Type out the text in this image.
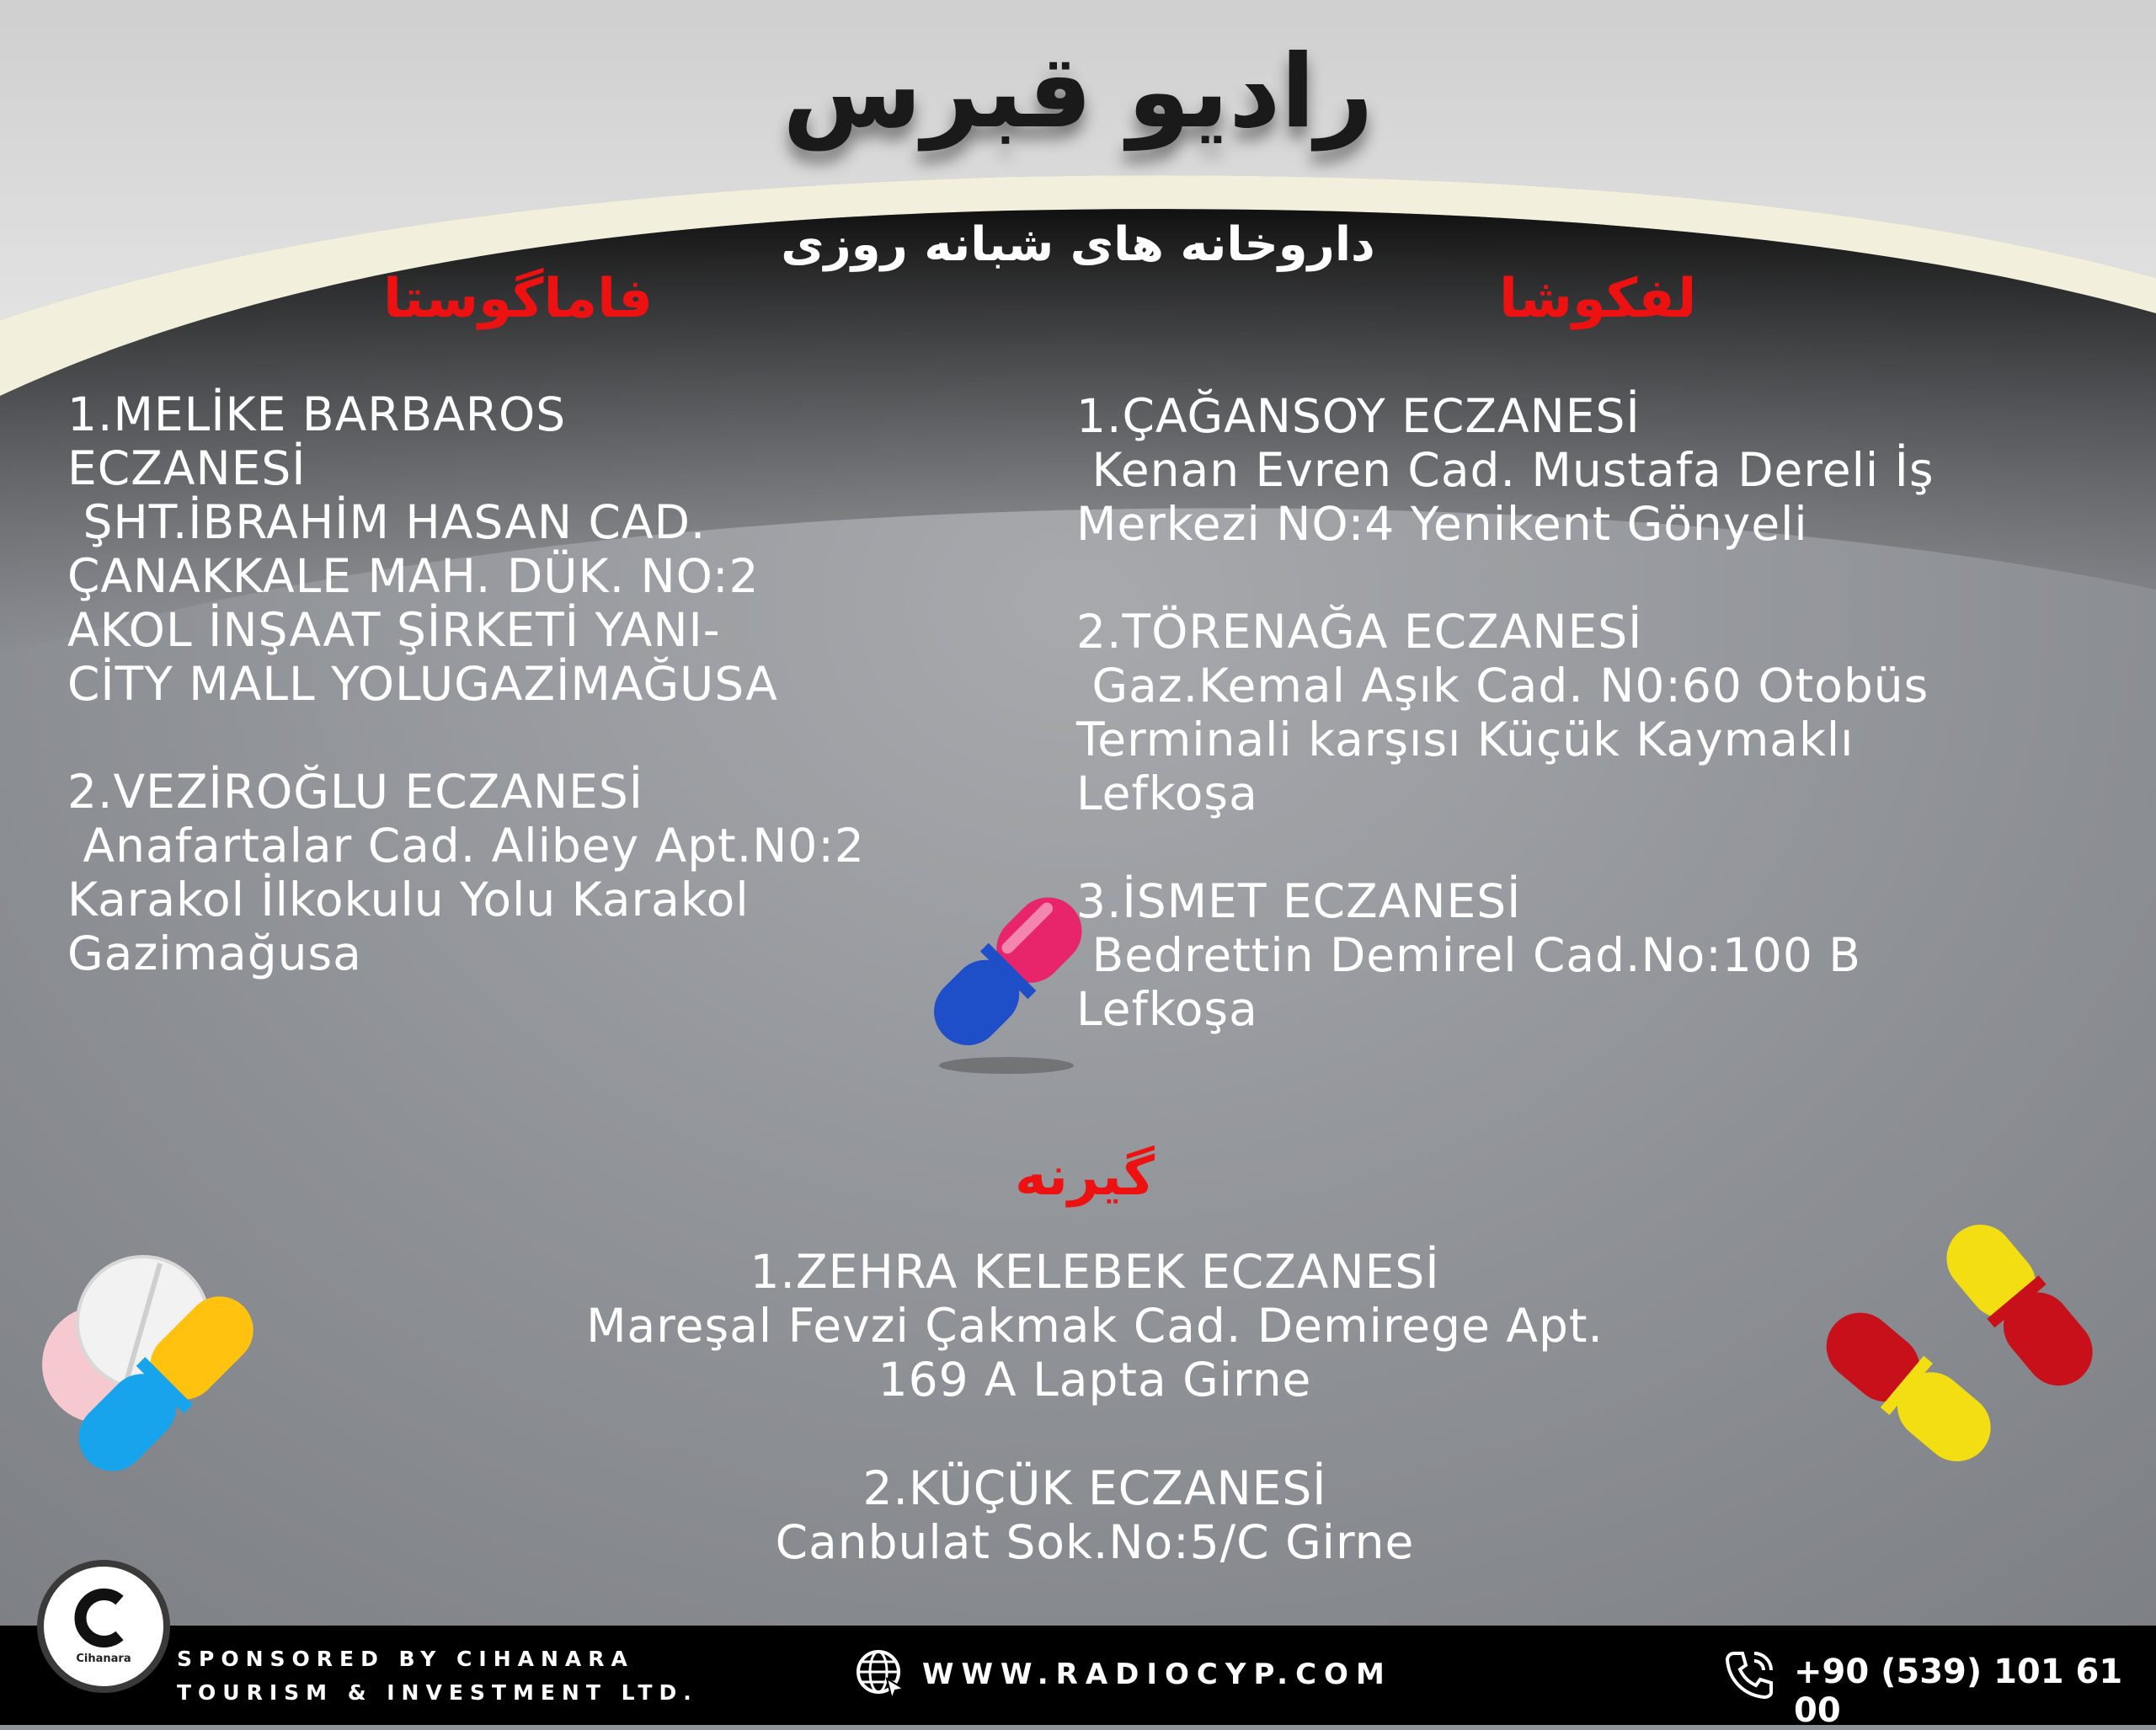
رادیو قبرس
داروخانه های شبانه روزی
فاماگوستا	لفکوشا
1.MELİKE BARBAROS
ECZANESİ
ŞHT.İBRAHİM HASAN CAD.
ÇANAKKALE MAH. DÜK. NO:2
AKOL İNŞAAT ŞİRKETİ YANI-
CİTY MALL YOLUGAZİMAĞUSA
2.VEZİROĞLU ECZANESİ
Anafartalar Cad. Alibey Apt.N0:2
Karakol İlkokulu Yolu Karakol
Gazimağusa
1.ÇAĞANSOY ECZANESİ
Kenan Evren Cad. Mustafa Dereli İş
Merkezi NO:4 Yenikent Gönyeli
2.TÖRENAĞA ECZANESİ
Gaz.Kemal Aşık Cad. N0:60 Otobüs
Terminali karşısı Küçük Kaymaklı
Lefkoşa
3.İSMET ECZANESİ
Bedrettin Demirel Cad.No:100 B
Lefkoşa
گیرنه
1.ZEHRA KELEBEK ECZANESİ
Mareşal Fevzi Çakmak Cad. Demirege Apt.
169 A Lapta Girne
2.KÜÇÜK ECZANESİ
Canbulat Sok.No:5/C Girne
Cihanara	SPONSORED BY CIHANARA
TOURISM & INVESTMENT LTD.
WWW.RADIOCYP.COM	+90 (539) 101 61 00
